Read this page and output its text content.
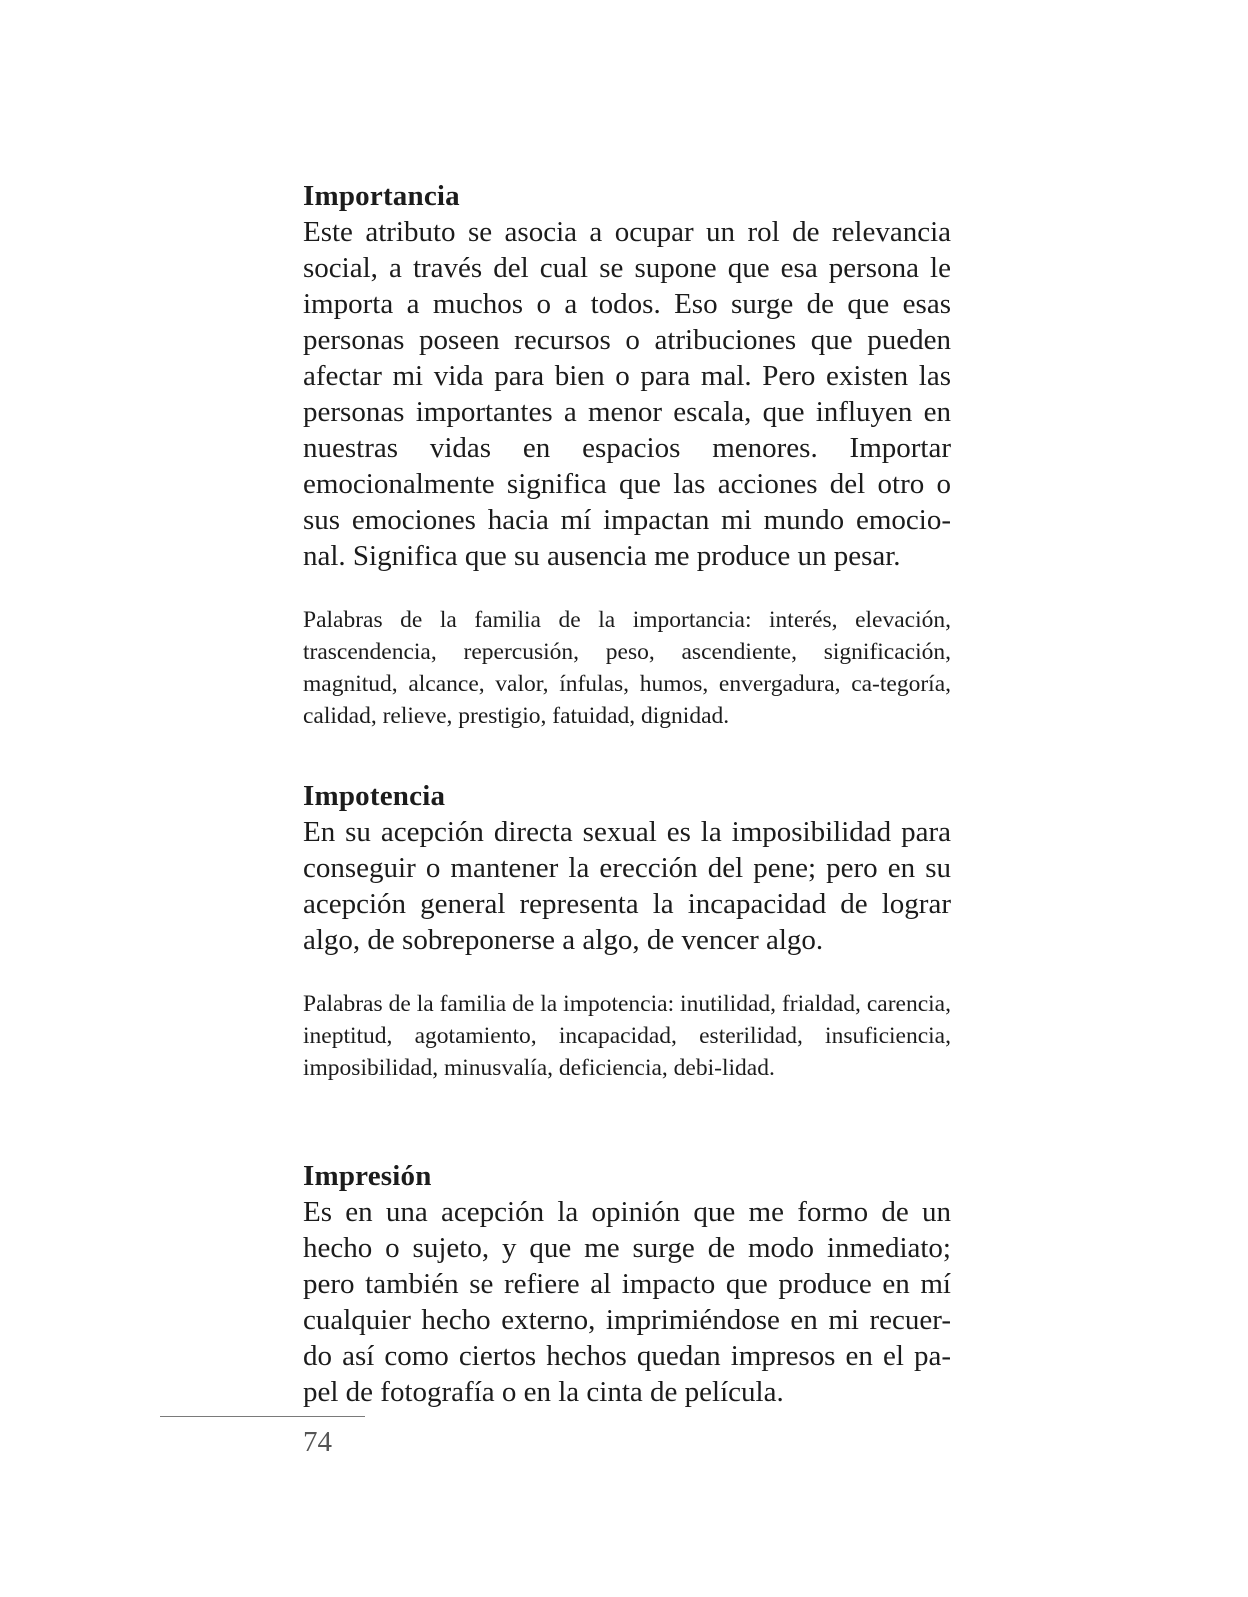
Importancia

Este atributo se asocia a ocupar un rol de relevancia social, a través del cual se supone que esa persona le importa a muchos o a todos. Eso surge de que esas personas poseen recursos o atribuciones que pueden afectar mi vida para bien o para mal. Pero existen las personas importantes a menor escala, que influyen en nuestras vidas en espacios menores. Importar emocionalmente significa que las acciones del otro o sus emociones hacia mí impactan mi mundo emocio-nal. Significa que su ausencia me produce un pesar.

Palabras de la familia de la importancia: interés, elevación, trascendencia, repercusión, peso, ascendiente, significación, magnitud, alcance, valor, ínfulas, humos, envergadura, ca-tegoría, calidad, relieve, prestigio, fatuidad, dignidad.

Impotencia

En su acepción directa sexual es la imposibilidad para conseguir o mantener la erección del pene; pero en su acepción general representa la incapacidad de lograr algo, de sobreponerse a algo, de vencer algo.

Palabras de la familia de la impotencia: inutilidad, frialdad, carencia, ineptitud, agotamiento, incapacidad, esterilidad, insuficiencia, imposibilidad, minusvalía, deficiencia, debi-lidad.

Impresión

Es en una acepción la opinión que me formo de un hecho o sujeto, y que me surge de modo inmediato; pero también se refiere al impacto que produce en mí cualquier hecho externo, imprimiéndose en mi recuer-do así como ciertos hechos quedan impresos en el pa-pel de fotografía o en la cinta de película.

74
